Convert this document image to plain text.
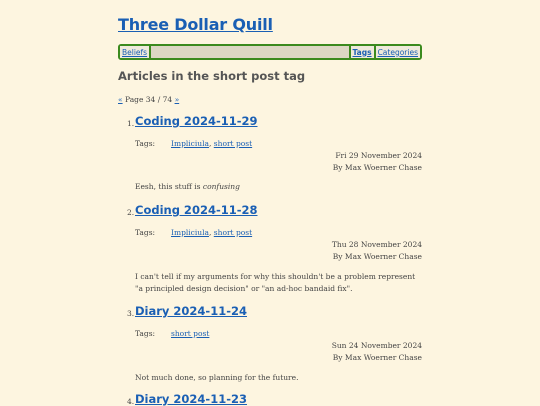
Three Dollar Quill
Beliefs	Tags Categories
Articles in the short post tag
« Page 34 / 74 »
1. Coding 2024-11-29
Tags: Impliciula, short post
Fri 29 November 2024
By Max Woerner Chase
Eesh, this stuff is confusing
2. Coding 2024-11-28
Tags: Impliciula, short post
Thu 28 November 2024
By Max Woerner Chase
I can't tell if my arguments for why this shouldn't be a problem represent "a principled design decision" or "an ad-hoc bandaid fix".
3. Diary 2024-11-24
Tags: short post
Sun 24 November 2024
By Max Woerner Chase
Not much done, so planning for the future.
4. Diary 2024-11-23
